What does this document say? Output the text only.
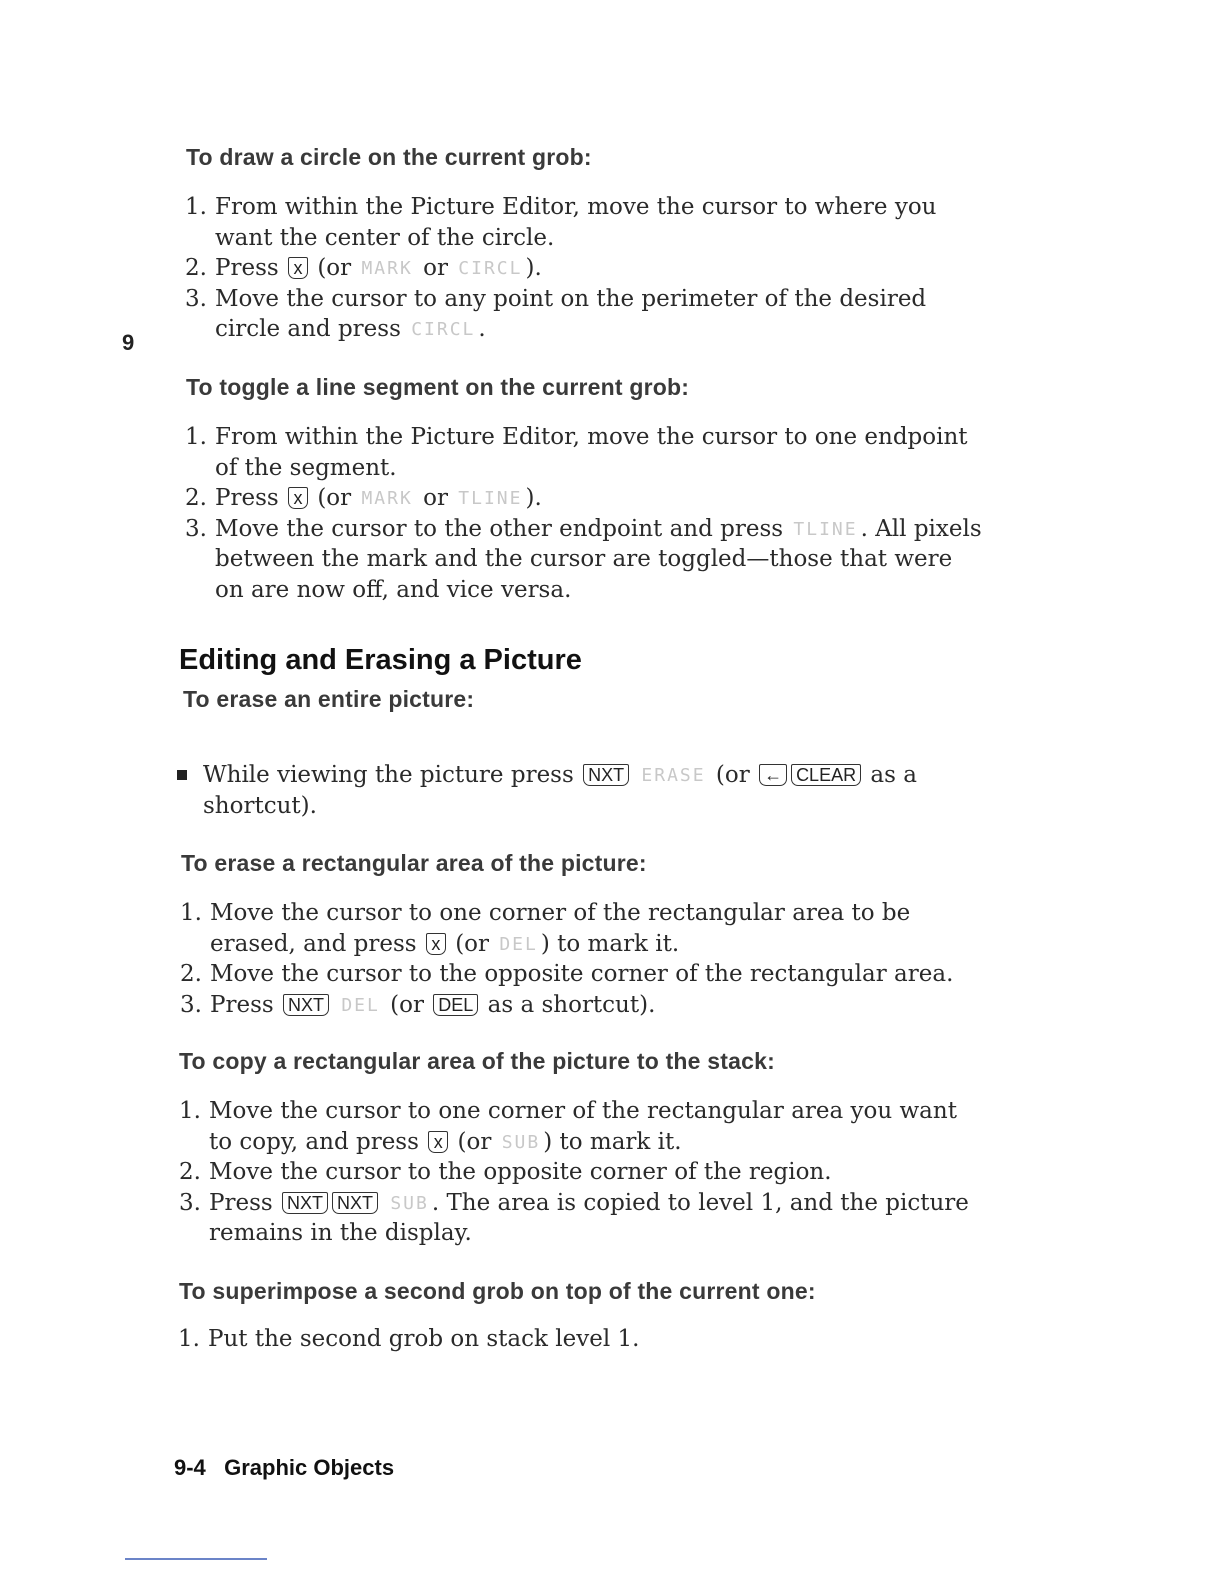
9
To draw a circle on the current grob:
1. From within the Picture Editor, move the cursor to where you want the center of the circle.
2. Press x (or MARK or CIRCL ).
3. Move the cursor to any point on the perimeter of the desired circle and press CIRCL .
To toggle a line segment on the current grob:
1. From within the Picture Editor, move the cursor to one endpoint of the segment.
2. Press x (or MARK or TLINE ).
3. Move the cursor to the other endpoint and press TLINE . All pixels between the mark and the cursor are toggled—those that were on are now off, and vice versa.
Editing and Erasing a Picture
To erase an entire picture:
While viewing the picture press NXT ERASE (or ← CLEAR as a shortcut).
To erase a rectangular area of the picture:
1. Move the cursor to one corner of the rectangular area to be erased, and press x (or DEL ) to mark it.
2. Move the cursor to the opposite corner of the rectangular area.
3. Press NXT DEL (or DEL as a shortcut).
To copy a rectangular area of the picture to the stack:
1. Move the cursor to one corner of the rectangular area you want to copy, and press x (or SUB ) to mark it.
2. Move the cursor to the opposite corner of the region.
3. Press NXT NXT SUB . The area is copied to level 1, and the picture remains in the display.
To superimpose a second grob on top of the current one:
1. Put the second grob on stack level 1.
9-4   Graphic Objects
